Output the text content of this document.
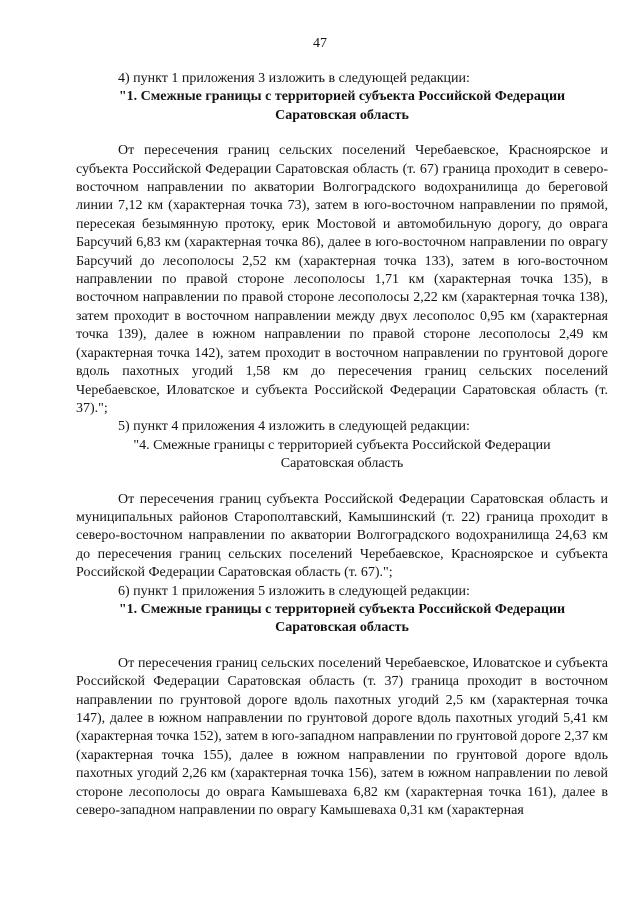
47

4) пункт 1 приложения 3 изложить в следующей редакции:

"1. Смежные границы с территорией субъекта Российской Федерации

Саратовская область

От пересечения границ сельских поселений Черебаевское, Красноярское и субъекта Российской Федерации Саратовская область (т. 67) граница проходит в северо-восточном направлении по акватории Волгоградского водохранилища до береговой линии 7,12 км (характерная точка 73), затем в юго-восточном направлении по прямой, пересекая безымянную протоку, ерик Мостовой и автомобильную дорогу, до оврага Барсучий 6,83 км (характерная точка 86), далее в юго-восточном направлении по оврагу Барсучий до лесополосы 2,52 км (характерная точка 133), затем в юго-восточном направлении по правой стороне лесополосы 1,71 км (характерная точка 135), в восточном направлении по правой стороне лесополосы 2,22 км (характерная точка 138), затем проходит в восточном направлении между двух лесополос 0,95 км (характерная точка 139), далее в южном направлении по правой стороне лесополосы 2,49 км (характерная точка 142), затем проходит в восточном направлении по грунтовой дороге вдоль пахотных угодий 1,58 км до пересечения границ сельских поселений Черебаевское, Иловатское и субъекта Российской Федерации Саратовская область (т. 37).";

5) пункт 4 приложения 4 изложить в следующей редакции:

"4. Смежные границы с территорией субъекта Российской Федерации

Саратовская область

От пересечения границ субъекта Российской Федерации Саратовская область и муниципальных районов Старополтавский, Камышинский (т. 22) граница проходит в северо-восточном направлении по акватории Волгоградского водохранилища 24,63 км до пересечения границ сельских поселений Черебаевское, Красноярское и субъекта Российской Федерации Саратовская область (т. 67).";

6) пункт 1 приложения 5 изложить в следующей редакции:

"1. Смежные границы с территорией субъекта Российской Федерации

Саратовская область

От пересечения границ сельских поселений Черебаевское, Иловатское и субъекта Российской Федерации Саратовская область (т. 37) граница проходит в восточном направлении по грунтовой дороге вдоль пахотных угодий 2,5 км (характерная точка 147), далее в южном направлении по грунтовой дороге вдоль пахотных угодий 5,41 км (характерная точка 152), затем в юго-западном направлении по грунтовой дороге 2,37 км (характерная точка 155), далее в южном направлении по грунтовой дороге вдоль пахотных угодий 2,26 км (характерная точка 156), затем в южном направлении по левой стороне лесополосы до оврага Камышеваха 6,82 км (характерная точка 161), далее в северо-западном направлении по оврагу Камышеваха 0,31 км (характерная
